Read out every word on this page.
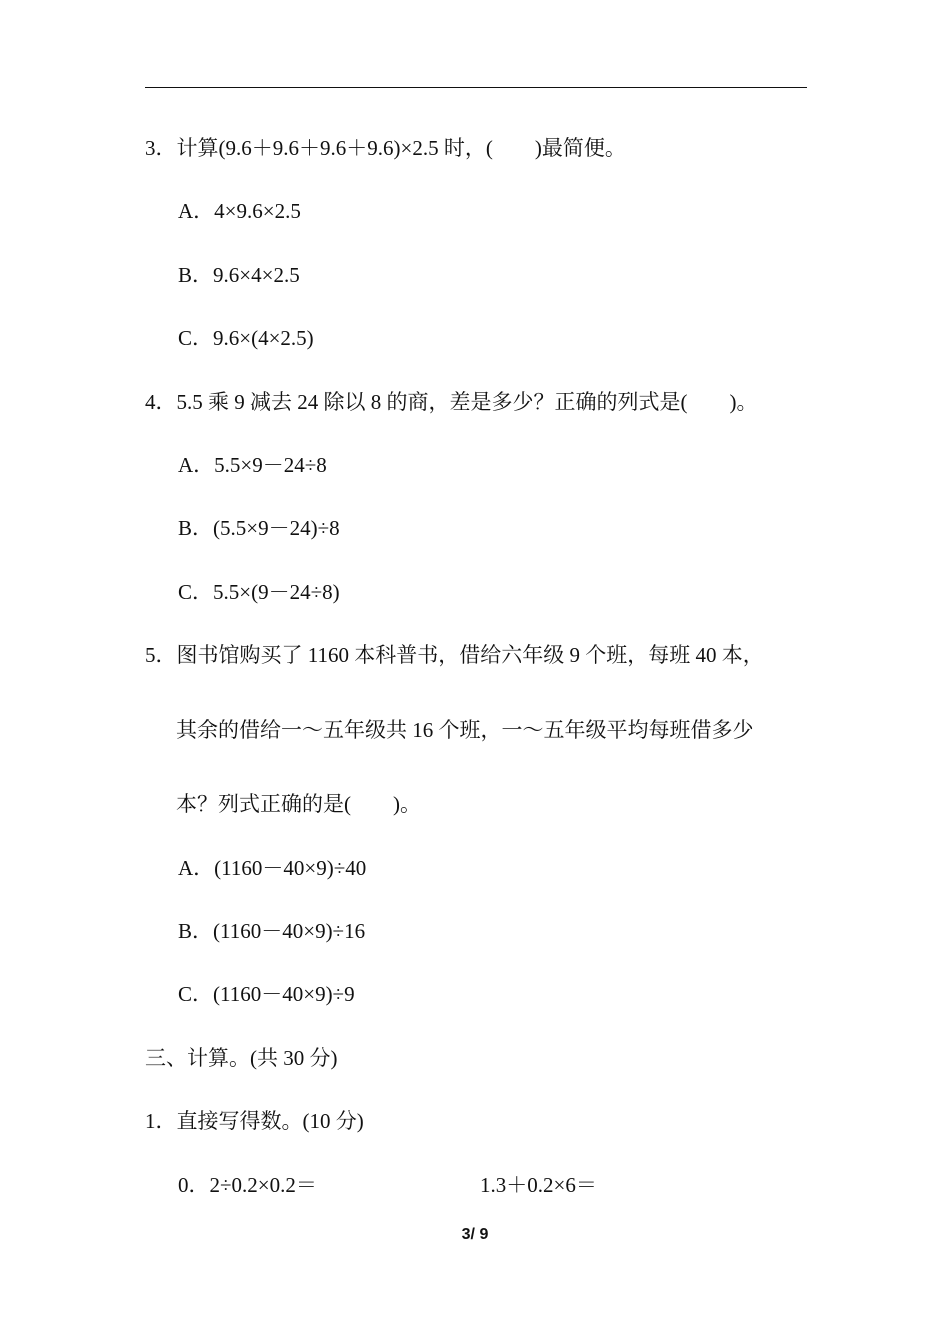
3．计算(9.6＋9.6＋9.6＋9.6)×2.5 时，(　　)最简便。
A．4×9.6×2.5
B．9.6×4×2.5
C．9.6×(4×2.5)
4．5.5 乘 9 减去 24 除以 8 的商，差是多少？正确的列式是(　　)。
A．5.5×9－24÷8
B．(5.5×9－24)÷8
C．5.5×(9－24÷8)
5．图书馆购买了 1160 本科普书，借给六年级 9 个班，每班 40 本，
其余的借给一～五年级共 16 个班，一～五年级平均每班借多少
本？列式正确的是(　　)。
A．(1160－40×9)÷40
B．(1160－40×9)÷16
C．(1160－40×9)÷9
三、计算。(共 30 分)
1．直接写得数。(10 分)
0．2÷0.2×0.2＝	1.3＋0.2×6＝
3/ 9
